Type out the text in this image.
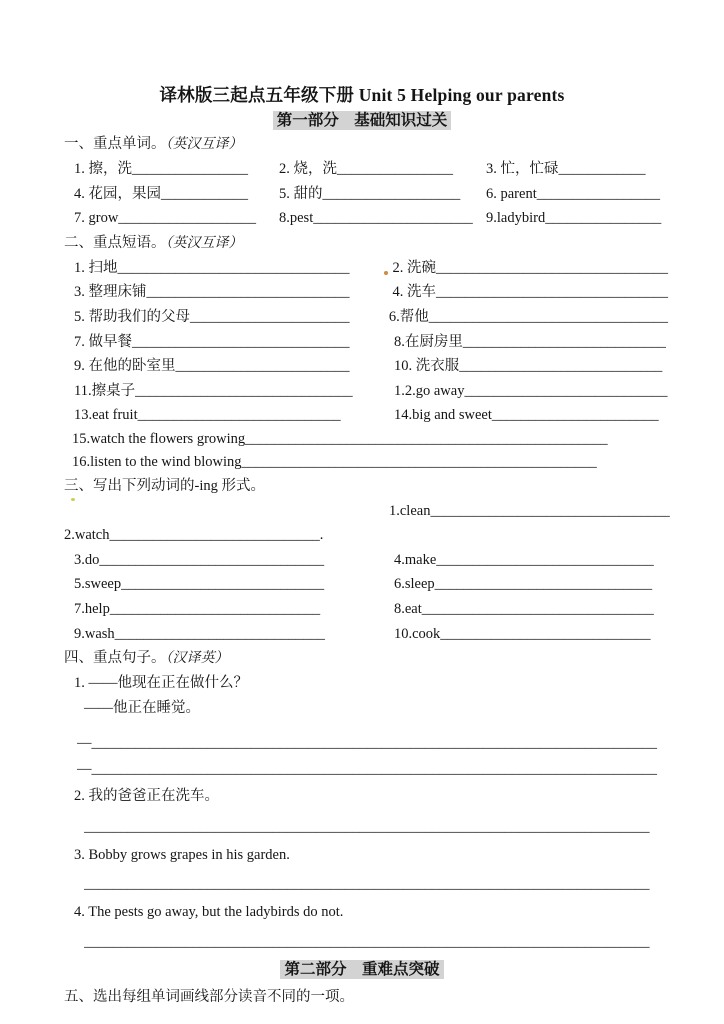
译林版三起点五年级下册 Unit 5 Helping our parents
第一部分　基础知识过关
一、重点单词。（英汉互译）
1. 擦，洗________________	2. 烧，洗________________	3. 忙，忙碌____________
4. 花园，果园____________	5. 甜的___________________	6. parent_________________
7. grow___________________	8.pest______________________ 9.ladybird________________
二、重点短语。（英汉互译）
1. 扫地________________________________	2. 洗碗________________________________
3. 整理床铺____________________________	4. 洗车________________________________
5. 帮助我们的父母______________________	6.帮他_________________________________
7. 做早餐______________________________	8.在厨房里____________________________
9. 在他的卧室里________________________	10. 洗衣服____________________________
11.擦桌子______________________________	1.2.go away____________________________
13.eat fruit____________________________	14.big and sweet_______________________
15.watch the flowers growing__________________________________________________
16.listen to the wind blowing_________________________________________________
三、写出下列动词的-ing 形式。
1.clean_________________________________
2.watch_____________________________.
3.do_______________________________	4.make______________________________
5.sweep____________________________	6.sleep______________________________
7.help_____________________________	8.eat________________________________
9.wash_____________________________	10.cook_____________________________
四、重点句子。（汉译英）
1. ——他现在正在做什么？
——他正在睡觉。
—______________________________________________________________________________
—______________________________________________________________________________
2. 我的爸爸正在洗车。
______________________________________________________________________________
3. Bobby grows grapes in his garden.
______________________________________________________________________________
4. The pests go away, but the ladybirds do not.
______________________________________________________________________________
第二部分　重难点突破
五、选出每组单词画线部分读音不同的一项。
